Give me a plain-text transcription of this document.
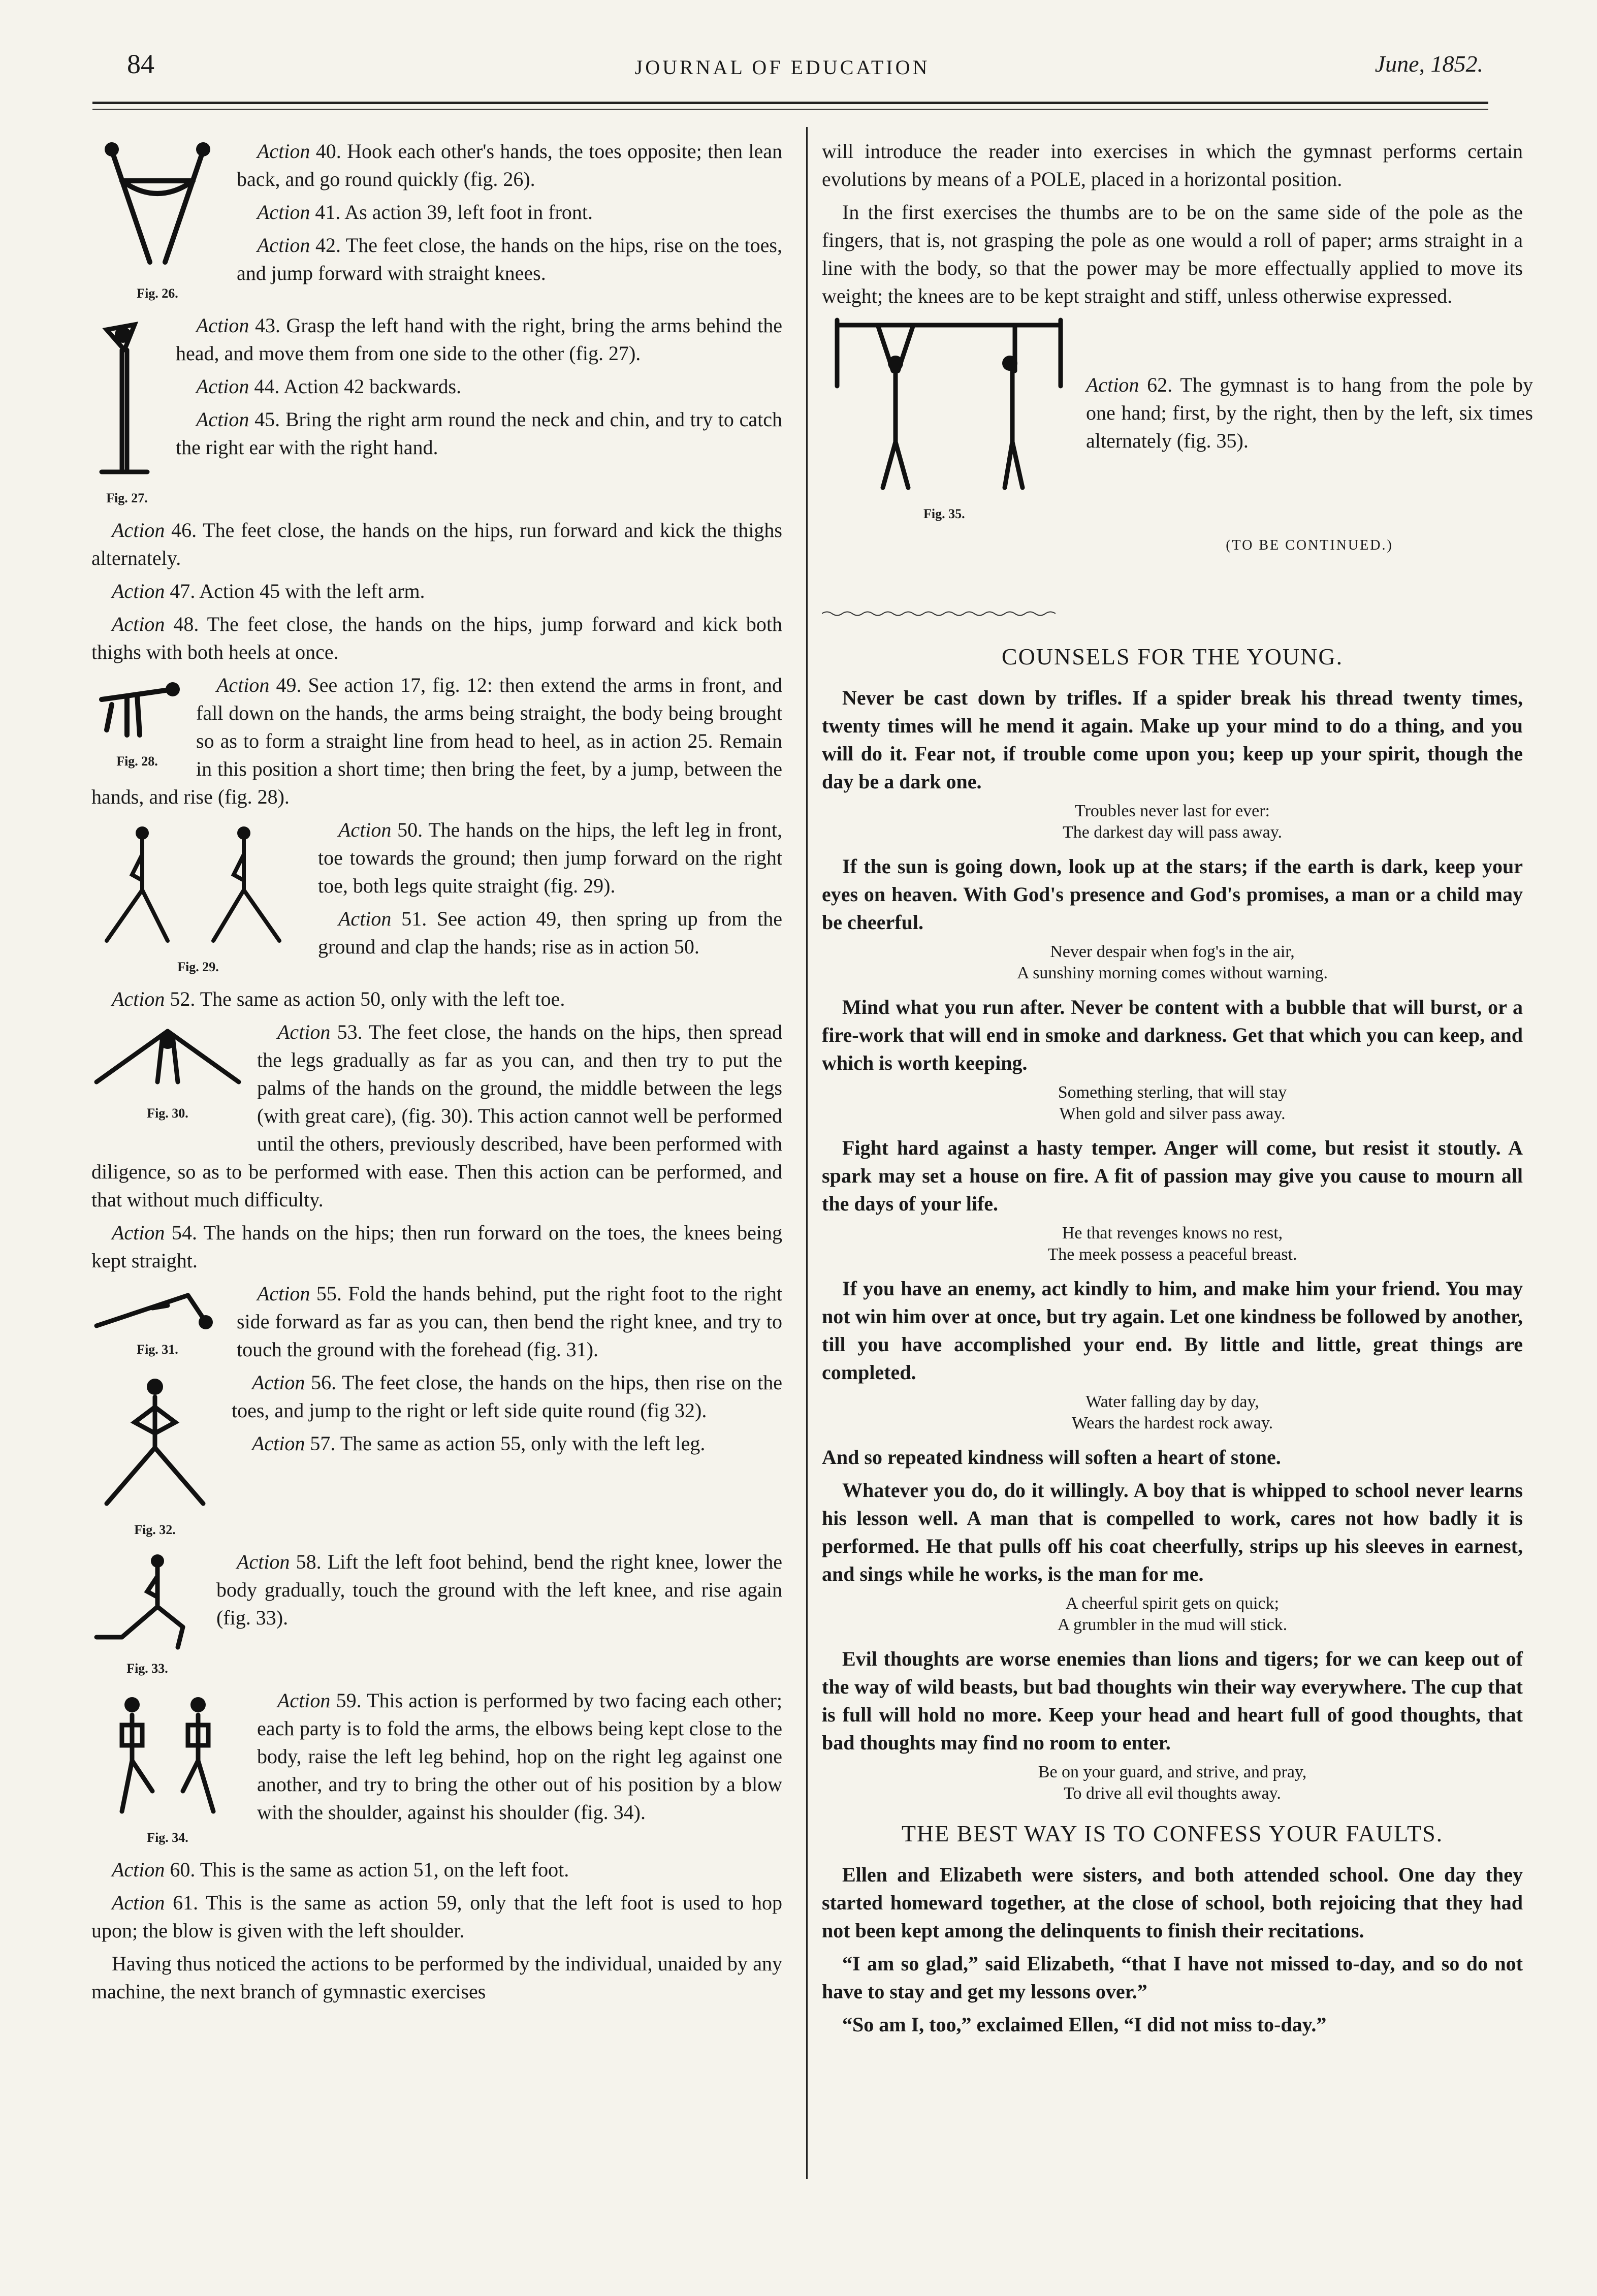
84	JOURNAL OF EDUCATION	June, 1852.
Fig. 26.

Action 40. Hook each other's hands, the toes opposite; then lean back, and go round quickly (fig. 26).

Action 41. As action 39, left foot in front.

Action 42. The feet close, the hands on the hips, rise on the toes, and jump forward with straight knees.

Fig. 27.

Action 43. Grasp the left hand with the right, bring the arms behind the head, and move them from one side to the other (fig. 27).

Action 44. Action 42 backwards.

Action 45. Bring the right arm round the neck and chin, and try to catch the right ear with the right hand.

Action 46. The feet close, the hands on the hips, run forward and kick the thighs alternately.

Action 47. Action 45 with the left arm.

Action 48. The feet close, the hands on the hips, jump forward and kick both thighs with both heels at once.

Fig. 28.

Action 49. See action 17, fig. 12: then extend the arms in front, and fall down on the hands, the arms being straight, the body being brought so as to form a straight line from head to heel, as in action 25. Remain in this position a short time; then bring the feet, by a jump, between the hands, and rise (fig. 28).

Fig. 29.

Action 50. The hands on the hips, the left leg in front, toe towards the ground; then jump forward on the right toe, both legs quite straight (fig. 29).

Action 51. See action 49, then spring up from the ground and clap the hands; rise as in action 50.

Action 52. The same as action 50, only with the left toe.

Fig. 30.

Action 53. The feet close, the hands on the hips, then spread the legs gradually as far as you can, and then try to put the palms of the hands on the ground, the middle between the legs (with great care), (fig. 30). This action cannot well be performed until the others, previously described, have been performed with diligence, so as to be performed with ease. Then this action can be performed, and that without much difficulty.

Action 54. The hands on the hips; then run forward on the toes, the knees being kept straight.

Fig. 31.

Action 55. Fold the hands behind, put the right foot to the right side forward as far as you can, then bend the right knee, and try to touch the ground with the forehead (fig. 31).

Fig. 32.

Action 56. The feet close, the hands on the hips, then rise on the toes, and jump to the right or left side quite round (fig 32).

Action 57. The same as action 55, only with the left leg.

Fig. 33.

Action 58. Lift the left foot behind, bend the right knee, lower the body gradually, touch the ground with the left knee, and rise again (fig. 33).

Fig. 34.

Action 59. This action is performed by two facing each other; each party is to fold the arms, the elbows being kept close to the body, raise the left leg behind, hop on the right leg against one another, and try to bring the other out of his position by a blow with the shoulder, against his shoulder (fig. 34).

Action 60. This is the same as action 51, on the left foot.

Action 61. This is the same as action 59, only that the left foot is used to hop upon; the blow is given with the left shoulder.

Having thus noticed the actions to be performed by the individual, unaided by any machine, the next branch of gymnastic exercises

will introduce the reader into exercises in which the gymnast performs certain evolutions by means of a POLE, placed in a horizontal position.

In the first exercises the thumbs are to be on the same side of the pole as the fingers, that is, not grasping the pole as one would a roll of paper; arms straight in a line with the body, so that the power may be more effectually applied to move its weight; the knees are to be kept straight and stiff, unless otherwise expressed.

Action 62. The gymnast is to hang from the pole by one hand; first, by the right, then by the left, six times alternately (fig. 35).
Fig. 35.
(TO BE CONTINUED.)
COUNSELS FOR THE YOUNG.

Never be cast down by trifles. If a spider break his thread twenty times, twenty times will he mend it again. Make up your mind to do a thing, and you will do it. Fear not, if trouble come upon you; keep up your spirit, though the day be a dark one.

Troubles never last for ever:
The darkest day will pass away.

If the sun is going down, look up at the stars; if the earth is dark, keep your eyes on heaven. With God's presence and God's promises, a man or a child may be cheerful.

Never despair when fog's in the air,
A sunshiny morning comes without warning.

Mind what you run after. Never be content with a bubble that will burst, or a fire-work that will end in smoke and darkness. Get that which you can keep, and which is worth keeping.

Something sterling, that will stay
When gold and silver pass away.

Fight hard against a hasty temper. Anger will come, but resist it stoutly. A spark may set a house on fire. A fit of passion may give you cause to mourn all the days of your life.

He that revenges knows no rest,
The meek possess a peaceful breast.

If you have an enemy, act kindly to him, and make him your friend. You may not win him over at once, but try again. Let one kindness be followed by another, till you have accomplished your end. By little and little, great things are completed.

Water falling day by day,
Wears the hardest rock away.

And so repeated kindness will soften a heart of stone.

Whatever you do, do it willingly. A boy that is whipped to school never learns his lesson well. A man that is compelled to work, cares not how badly it is performed. He that pulls off his coat cheerfully, strips up his sleeves in earnest, and sings while he works, is the man for me.

A cheerful spirit gets on quick;
A grumbler in the mud will stick.

Evil thoughts are worse enemies than lions and tigers; for we can keep out of the way of wild beasts, but bad thoughts win their way everywhere. The cup that is full will hold no more. Keep your head and heart full of good thoughts, that bad thoughts may find no room to enter.

Be on your guard, and strive, and pray,
To drive all evil thoughts away.
THE BEST WAY IS TO CONFESS YOUR FAULTS.

Ellen and Elizabeth were sisters, and both attended school. One day they started homeward together, at the close of school, both rejoicing that they had not been kept among the delinquents to finish their recitations.

“I am so glad,” said Elizabeth, “that I have not missed to-day, and so do not have to stay and get my lessons over.”

“So am I, too,” exclaimed Ellen, “I did not miss to-day.”
